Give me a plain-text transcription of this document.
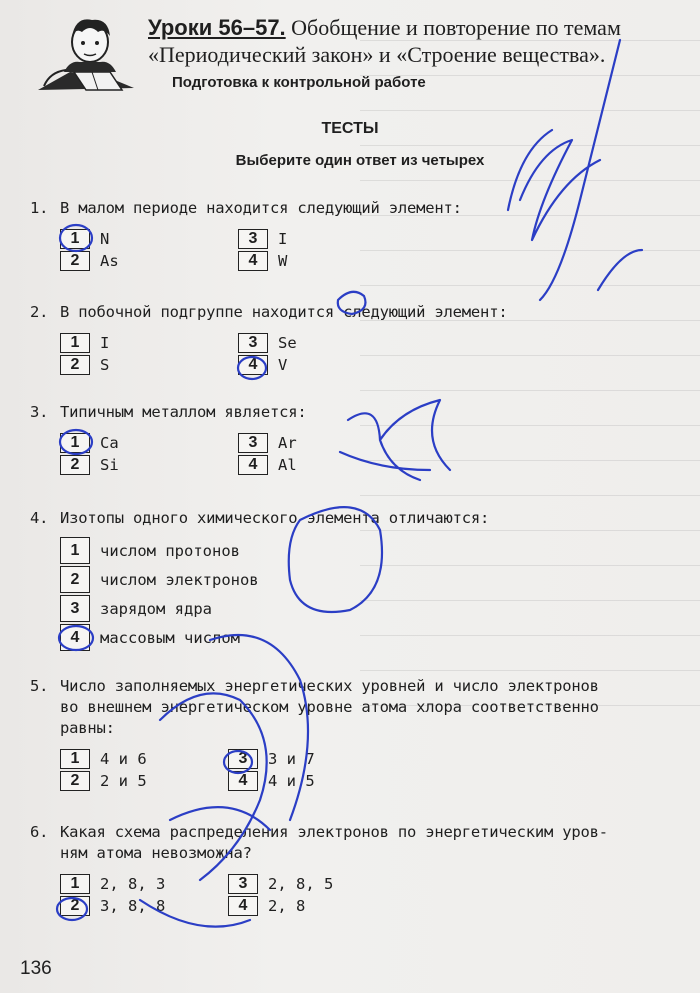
Уроки 56–57. Обобщение и повторение по темам
«Периодический закон» и «Строение вещества».
Подготовка к контрольной работе
ТЕСТЫ
Выберите один ответ из четырех
1. В малом периоде находится следующий элемент:
1	N
2	As
3	I
4	W
2. В побочной подгруппе находится следующий элемент:
1	I
2	S
3	Se
4	V
3. Типичным металлом является:
1	Ca
2	Si
3	Ar
4	Al
4. Изотопы одного химического элемента отличаются:
1	числом протонов
2	числом электронов
3	зарядом ядра
4	массовым числом
5. Число заполняемых энергетических уровней и число электронов
во внешнем энергетическом уровне атома хлора соответственно
равны:
1	4 и 6
2	2 и 5
3	3 и 7
4	4 и 5
6. Какая схема распределения электронов по энергетическим уров-
ням атома невозможна?
1	2, 8, 3
2	3, 8, 8
3	2, 8, 5
4	2, 8
136
